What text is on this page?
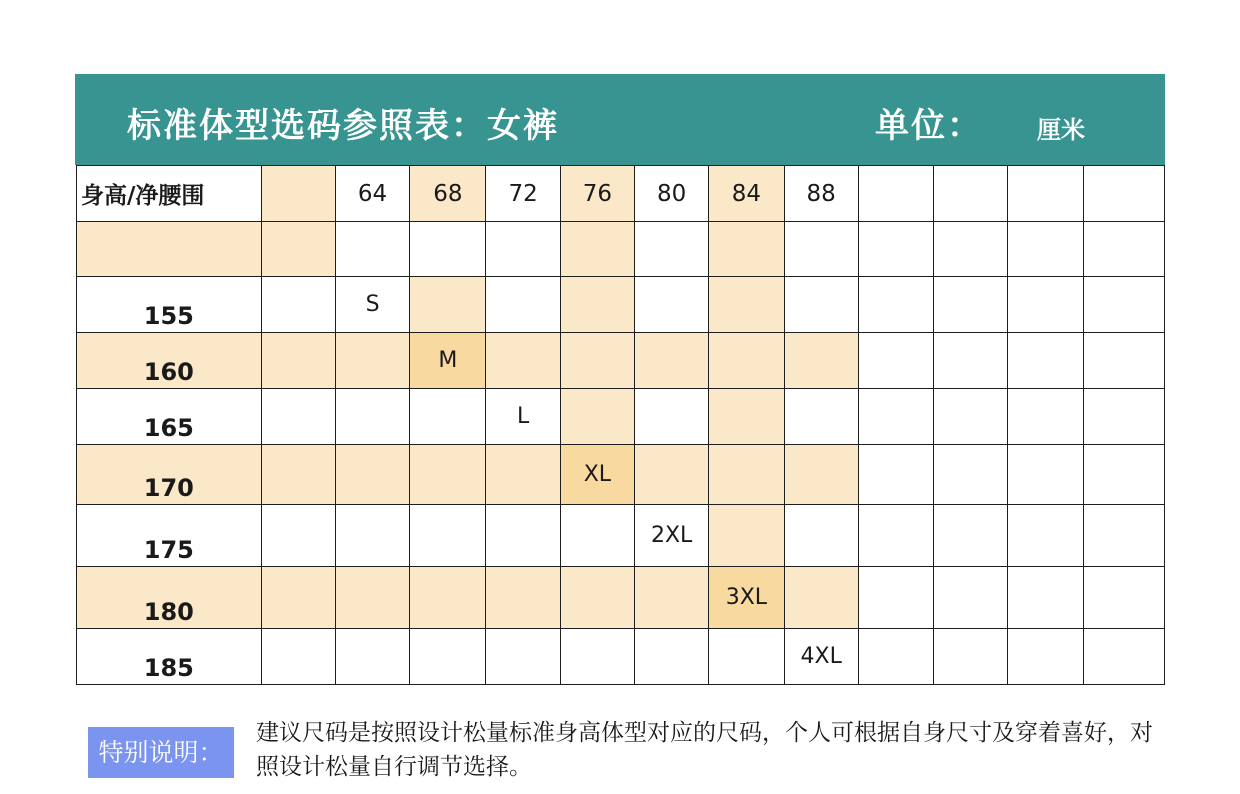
标准体型选码参照表：女裤	单位： 厘米
身高/净腰围		64	68	72	76	80	84	88				

155		S										
160			M									
165				L								
170					XL							
175						2XL						
180							3XL					
185								4XL				
特别说明：
建议尺码是按照设计松量标准身高体型对应的尺码，个人可根据自身尺寸及穿着喜好，对照设计松量自行调节选择。
